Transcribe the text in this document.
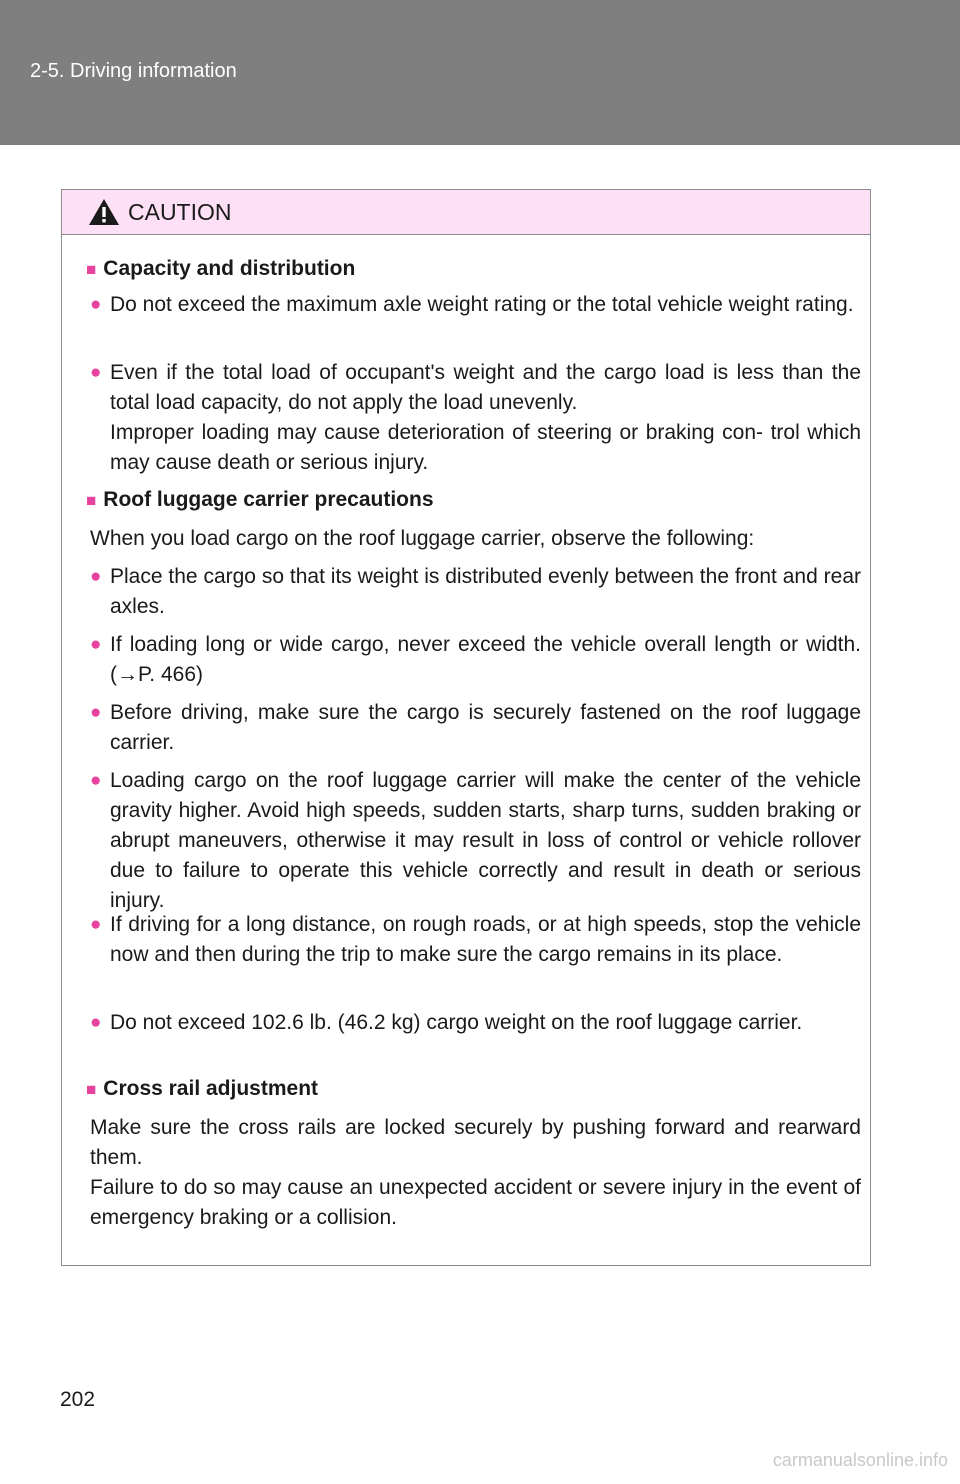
2-5. Driving information
CAUTION
■ Capacity and distribution
● Do not exceed the maximum axle weight rating or the total vehicle weight rating.
● Even if the total load of occupant's weight and the cargo load is less than the total load capacity, do not apply the load unevenly.
Improper loading may cause deterioration of steering or braking con- trol which may cause death or serious injury.
■ Roof luggage carrier precautions
When you load cargo on the roof luggage carrier, observe the following:
● Place the cargo so that its weight is distributed evenly between the front and rear axles.
● If loading long or wide cargo, never exceed the vehicle overall length or width. (→P. 466)
● Before driving, make sure the cargo is securely fastened on the roof luggage carrier.
● Loading cargo on the roof luggage carrier will make the center of the vehicle gravity higher. Avoid high speeds, sudden starts, sharp turns, sudden braking or abrupt maneuvers, otherwise it may result in loss of control or vehicle rollover due to failure to operate this vehicle correctly and result in death or serious injury.
● If driving for a long distance, on rough roads, or at high speeds, stop the vehicle now and then during the trip to make sure the cargo remains in its place.
● Do not exceed 102.6 lb. (46.2 kg) cargo weight on the roof luggage carrier.
■ Cross rail adjustment
Make sure the cross rails are locked securely by pushing forward and rearward them.
Failure to do so may cause an unexpected accident or severe injury in the event of emergency braking or a collision.
202
carmanualsonline.info
